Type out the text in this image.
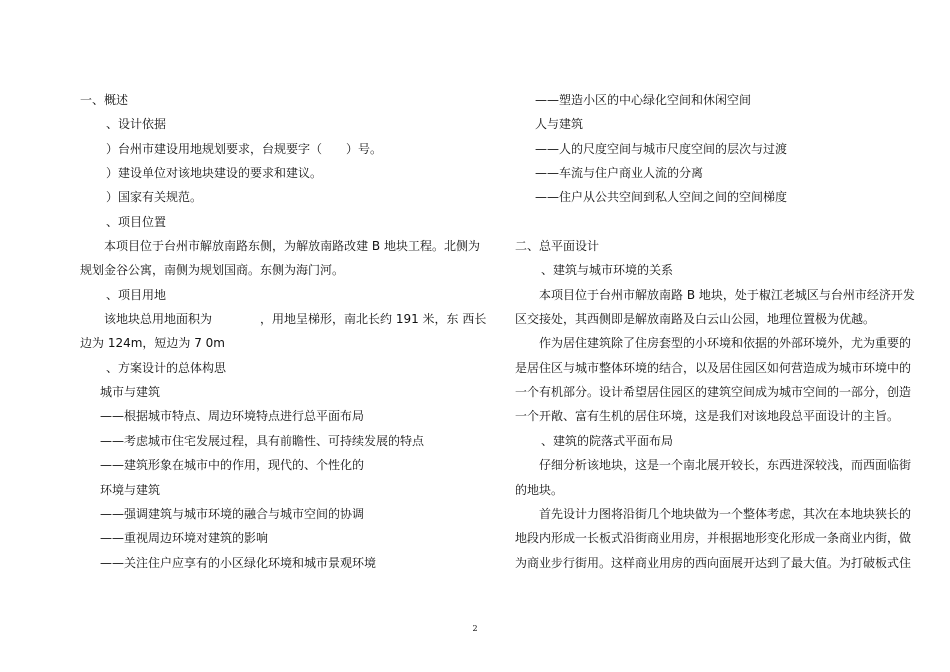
一、概述
、设计依据
）台州市建设用地规划要求，台规要字（　　）号。
）建设单位对该地块建设的要求和建议。
）国家有关规范。
、项目位置
本项目位于台州市解放南路东侧，为解放南路改建 B 地块工程。北侧为
规划金谷公寓，南侧为规划国商。东侧为海门河。
、项目用地
该地块总用地面积为　　　　，用地呈梯形，南北长约 191 米，东 西长
边为 124m，短边为 7 0m
、方案设计的总体构思
城市与建筑
——根据城市特点、周边环境特点进行总平面布局
——考虑城市住宅发展过程，具有前瞻性、可持续发展的特点
——建筑形象在城市中的作用，现代的、个性化的
环境与建筑
——强调建筑与城市环境的融合与城市空间的协调
——重视周边环境对建筑的影响
——关注住户应享有的小区绿化环境和城市景观环境
——塑造小区的中心绿化空间和休闲空间
人与建筑
——人的尺度空间与城市尺度空间的层次与过渡
——车流与住户商业人流的分离
——住户从公共空间到私人空间之间的空间梯度
二、总平面设计
、建筑与城市环境的关系
本项目位于台州市解放南路 B 地块，处于椒江老城区与台州市经济开发
区交接处，其西侧即是解放南路及白云山公园，地理位置极为优越。
作为居住建筑除了住房套型的小环境和依据的外部环境外，尤为重要的
是居住区与城市整体环境的结合，以及居住园区如何营造成为城市环境中的
一个有机部分。设计希望居住园区的建筑空间成为城市空间的一部分，创造
一个开敞、富有生机的居住环境，这是我们对该地段总平面设计的主旨。
、建筑的院落式平面布局
仔细分析该地块，这是一个南北展开较长，东西进深较浅，而西面临街
的地块。
首先设计力图将沿街几个地块做为一个整体考虑，其次在本地块狭长的
地段内形成一长板式沿街商业用房，并根据地形变化形成一条商业内街，做
为商业步行街用。这样商业用房的西向面展开达到了最大值。为打破板式住
2
